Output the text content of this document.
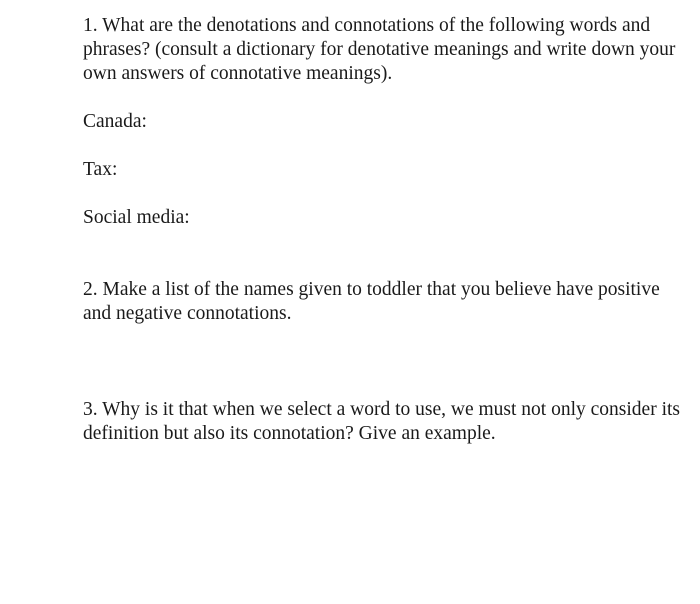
1. What are the denotations and connotations of the following words and phrases? (consult a dictionary for denotative meanings and write down your own answers of connotative meanings).

Canada:

Tax:

Social media:

2. Make a list of the names given to toddler that you believe have positive and negative connotations.

3. Why is it that when we select a word to use, we must not only consider its definition but also its connotation? Give an example.
